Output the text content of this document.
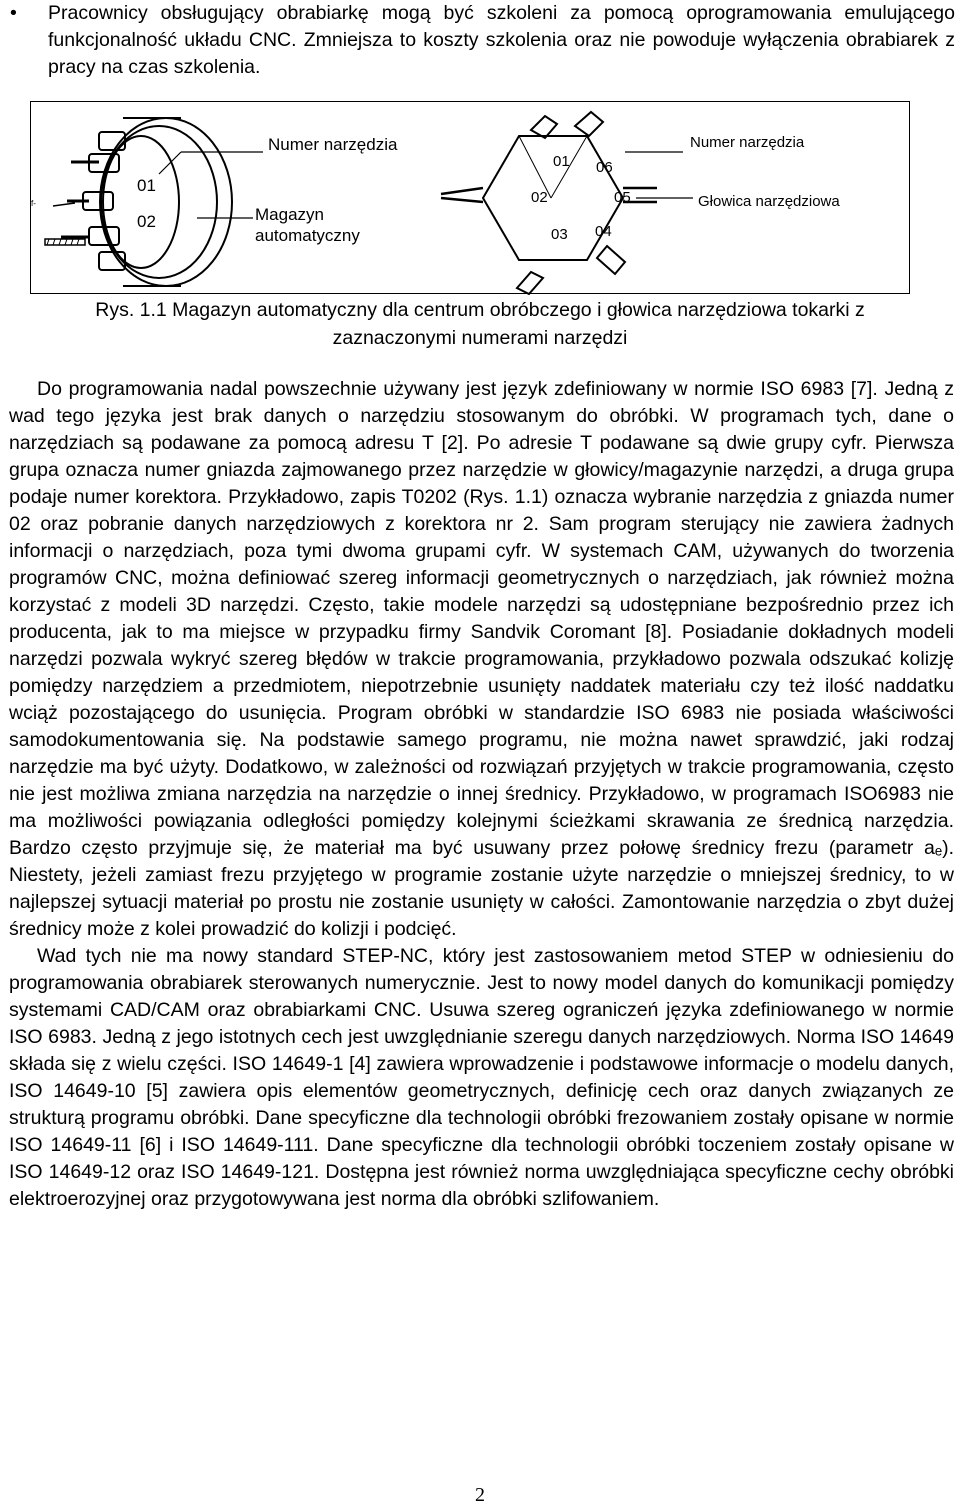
• Pracownicy obsługujący obrabiarkę mogą być szkoleni za pomocą oprogramowania emulującego funkcjonalność układu CNC. Zmniejsza to koszty szkolenia oraz nie powoduje wyłączenia obrabiarek z pracy na czas szkolenia.
f-
01
02
Numer narzędzia
Magazyn
automatyczny
01 06
02	05
03 04
Numer narzędzia
Głowica narzędziowa
Rys. 1.1 Magazyn automatyczny dla centrum obróbczego i głowica narzędziowa tokarki z
zaznaczonymi numerami narzędzi

Do programowania nadal powszechnie używany jest język zdefiniowany w normie ISO 6983 [7]. Jedną z wad tego języka jest brak danych o narzędziu stosowanym do obróbki. W programach tych, dane o narzędziach są podawane za pomocą adresu T [2]. Po adresie T podawane są dwie grupy cyfr. Pierwsza grupa oznacza numer gniazda zajmowanego przez narzędzie w głowicy/magazynie narzędzi, a druga grupa podaje numer korektora. Przykładowo, zapis T0202 (Rys. 1.1) oznacza wybranie narzędzia z gniazda numer 02 oraz pobranie danych narzędziowych z korektora nr 2. Sam program sterujący nie zawiera żadnych informacji o narzędziach, poza tymi dwoma grupami cyfr. W systemach CAM, używanych do tworzenia programów CNC, można definiować szereg informacji geometrycznych o narzędziach, jak również można korzystać z modeli 3D narzędzi. Często, takie modele narzędzi są udostępniane bezpośrednio przez ich producenta, jak to ma miejsce w przypadku firmy Sandvik Coromant [8]. Posiadanie dokładnych modeli narzędzi pozwala wykryć szereg błędów w trakcie programowania, przykładowo pozwala odszukać kolizję pomiędzy narzędziem a przedmiotem, niepotrzebnie usunięty naddatek materiału czy też ilość naddatku wciąż pozostającego do usunięcia. Program obróbki w standardzie ISO 6983 nie posiada właściwości samodokumentowania się. Na podstawie samego programu, nie można nawet sprawdzić, jaki rodzaj narzędzie ma być użyty. Dodatkowo, w zależności od rozwiązań przyjętych w trakcie programowania, często nie jest możliwa zmiana narzędzia na narzędzie o innej średnicy. Przykładowo, w programach ISO6983 nie ma możliwości powiązania odległości pomiędzy kolejnymi ścieżkami skrawania ze średnicą narzędzia. Bardzo często przyjmuje się, że materiał ma być usuwany przez połowę średnicy frezu (parametr aₑ). Niestety, jeżeli zamiast frezu przyjętego w programie zostanie użyte narzędzie o mniejszej średnicy, to w najlepszej sytuacji materiał po prostu nie zostanie usunięty w całości. Zamontowanie narzędzia o zbyt dużej średnicy może z kolei prowadzić do kolizji i podcięć.

Wad tych nie ma nowy standard STEP-NC, który jest zastosowaniem metod STEP w odniesieniu do programowania obrabiarek sterowanych numerycznie. Jest to nowy model danych do komunikacji pomiędzy systemami CAD/CAM oraz obrabiarkami CNC. Usuwa szereg ograniczeń języka zdefiniowanego w normie ISO 6983. Jedną z jego istotnych cech jest uwzględnianie szeregu danych narzędziowych. Norma ISO 14649 składa się z wielu części. ISO 14649-1 [4] zawiera wprowadzenie i podstawowe informacje o modelu danych, ISO 14649-10 [5] zawiera opis elementów geometrycznych, definicję cech oraz danych związanych ze strukturą programu obróbki. Dane specyficzne dla technologii obróbki frezowaniem zostały opisane w normie ISO 14649-11 [6] i ISO 14649-111. Dane specyficzne dla technologii obróbki toczeniem zostały opisane w ISO 14649-12 oraz ISO 14649-121. Dostępna jest również norma uwzględniająca specyficzne cechy obróbki elektroerozyjnej oraz przygotowywana jest norma dla obróbki szlifowaniem.

2
